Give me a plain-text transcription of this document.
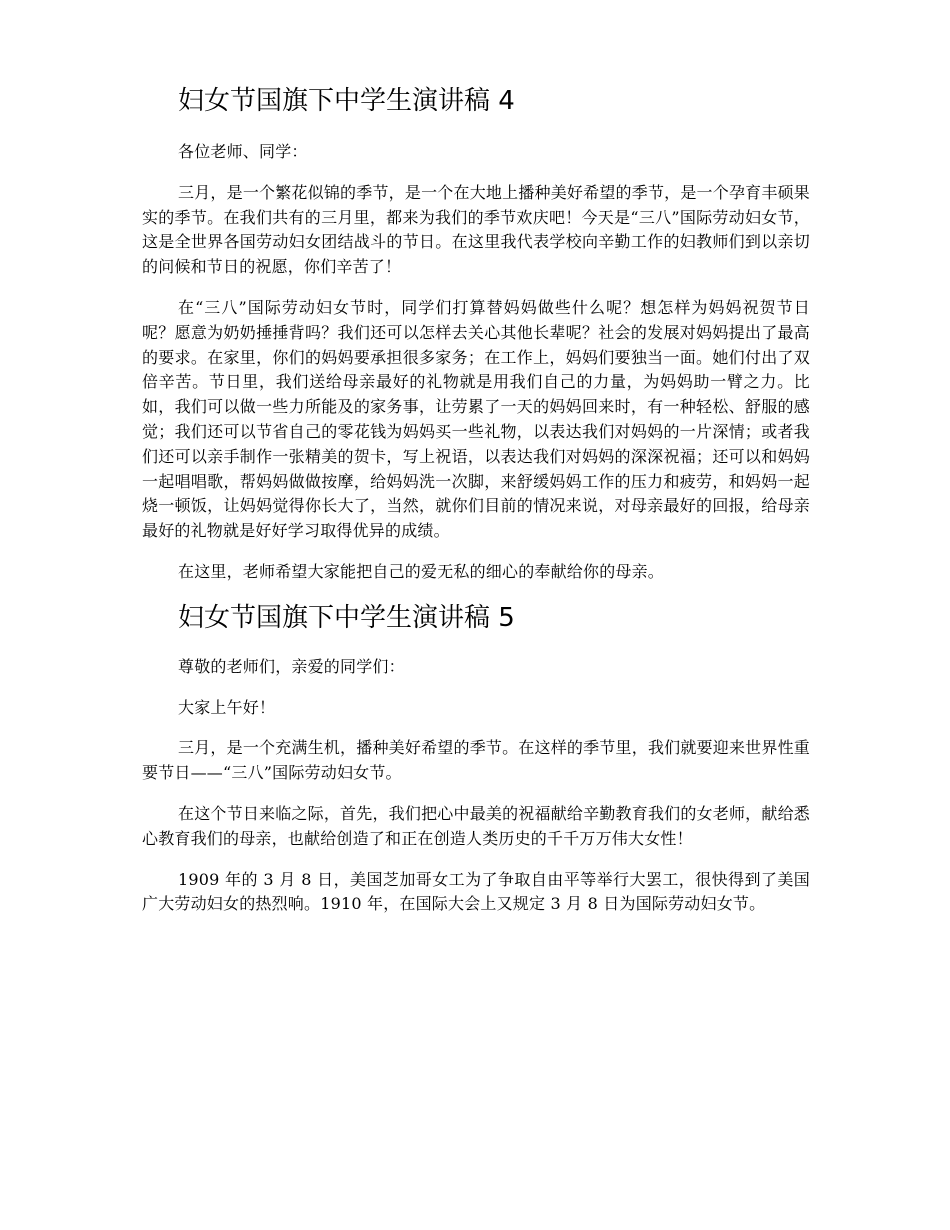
妇女节国旗下中学生演讲稿 4

各位老师、同学：

三月，是一个繁花似锦的季节，是一个在大地上播种美好希望的季节，是一个孕育丰硕果实的季节。在我们共有的三月里，都来为我们的季节欢庆吧！今天是“三八”国际劳动妇女节，这是全世界各国劳动妇女团结战斗的节日。在这里我代表学校向辛勤工作的妇教师们到以亲切的问候和节日的祝愿，你们辛苦了！

在“三八”国际劳动妇女节时，同学们打算替妈妈做些什么呢？想怎样为妈妈祝贺节日呢？愿意为奶奶捶捶背吗？我们还可以怎样去关心其他长辈呢？社会的发展对妈妈提出了最高的要求。在家里，你们的妈妈要承担很多家务；在工作上，妈妈们要独当一面。她们付出了双倍辛苦。节日里，我们送给母亲最好的礼物就是用我们自己的力量，为妈妈助一臂之力。比如，我们可以做一些力所能及的家务事，让劳累了一天的妈妈回来时，有一种轻松、舒服的感觉；我们还可以节省自己的零花钱为妈妈买一些礼物，以表达我们对妈妈的一片深情；或者我们还可以亲手制作一张精美的贺卡，写上祝语，以表达我们对妈妈的深深祝福；还可以和妈妈一起唱唱歌，帮妈妈做做按摩，给妈妈洗一次脚，来舒缓妈妈工作的压力和疲劳，和妈妈一起烧一顿饭，让妈妈觉得你长大了，当然，就你们目前的情况来说，对母亲最好的回报，给母亲最好的礼物就是好好学习取得优异的成绩。

在这里，老师希望大家能把自己的爱无私的细心的奉献给你的母亲。

妇女节国旗下中学生演讲稿 5

尊敬的老师们，亲爱的同学们：

大家上午好！

三月，是一个充满生机，播种美好希望的季节。在这样的季节里，我们就要迎来世界性重要节日——“三八”国际劳动妇女节。

在这个节日来临之际，首先，我们把心中最美的祝福献给辛勤教育我们的女老师，献给悉心教育我们的母亲，也献给创造了和正在创造人类历史的千千万万伟大女性！

1909 年的 3 月 8 日，美国芝加哥女工为了争取自由平等举行大罢工，很快得到了美国广大劳动妇女的热烈响。1910 年，在国际大会上又规定 3 月 8 日为国际劳动妇女节。
